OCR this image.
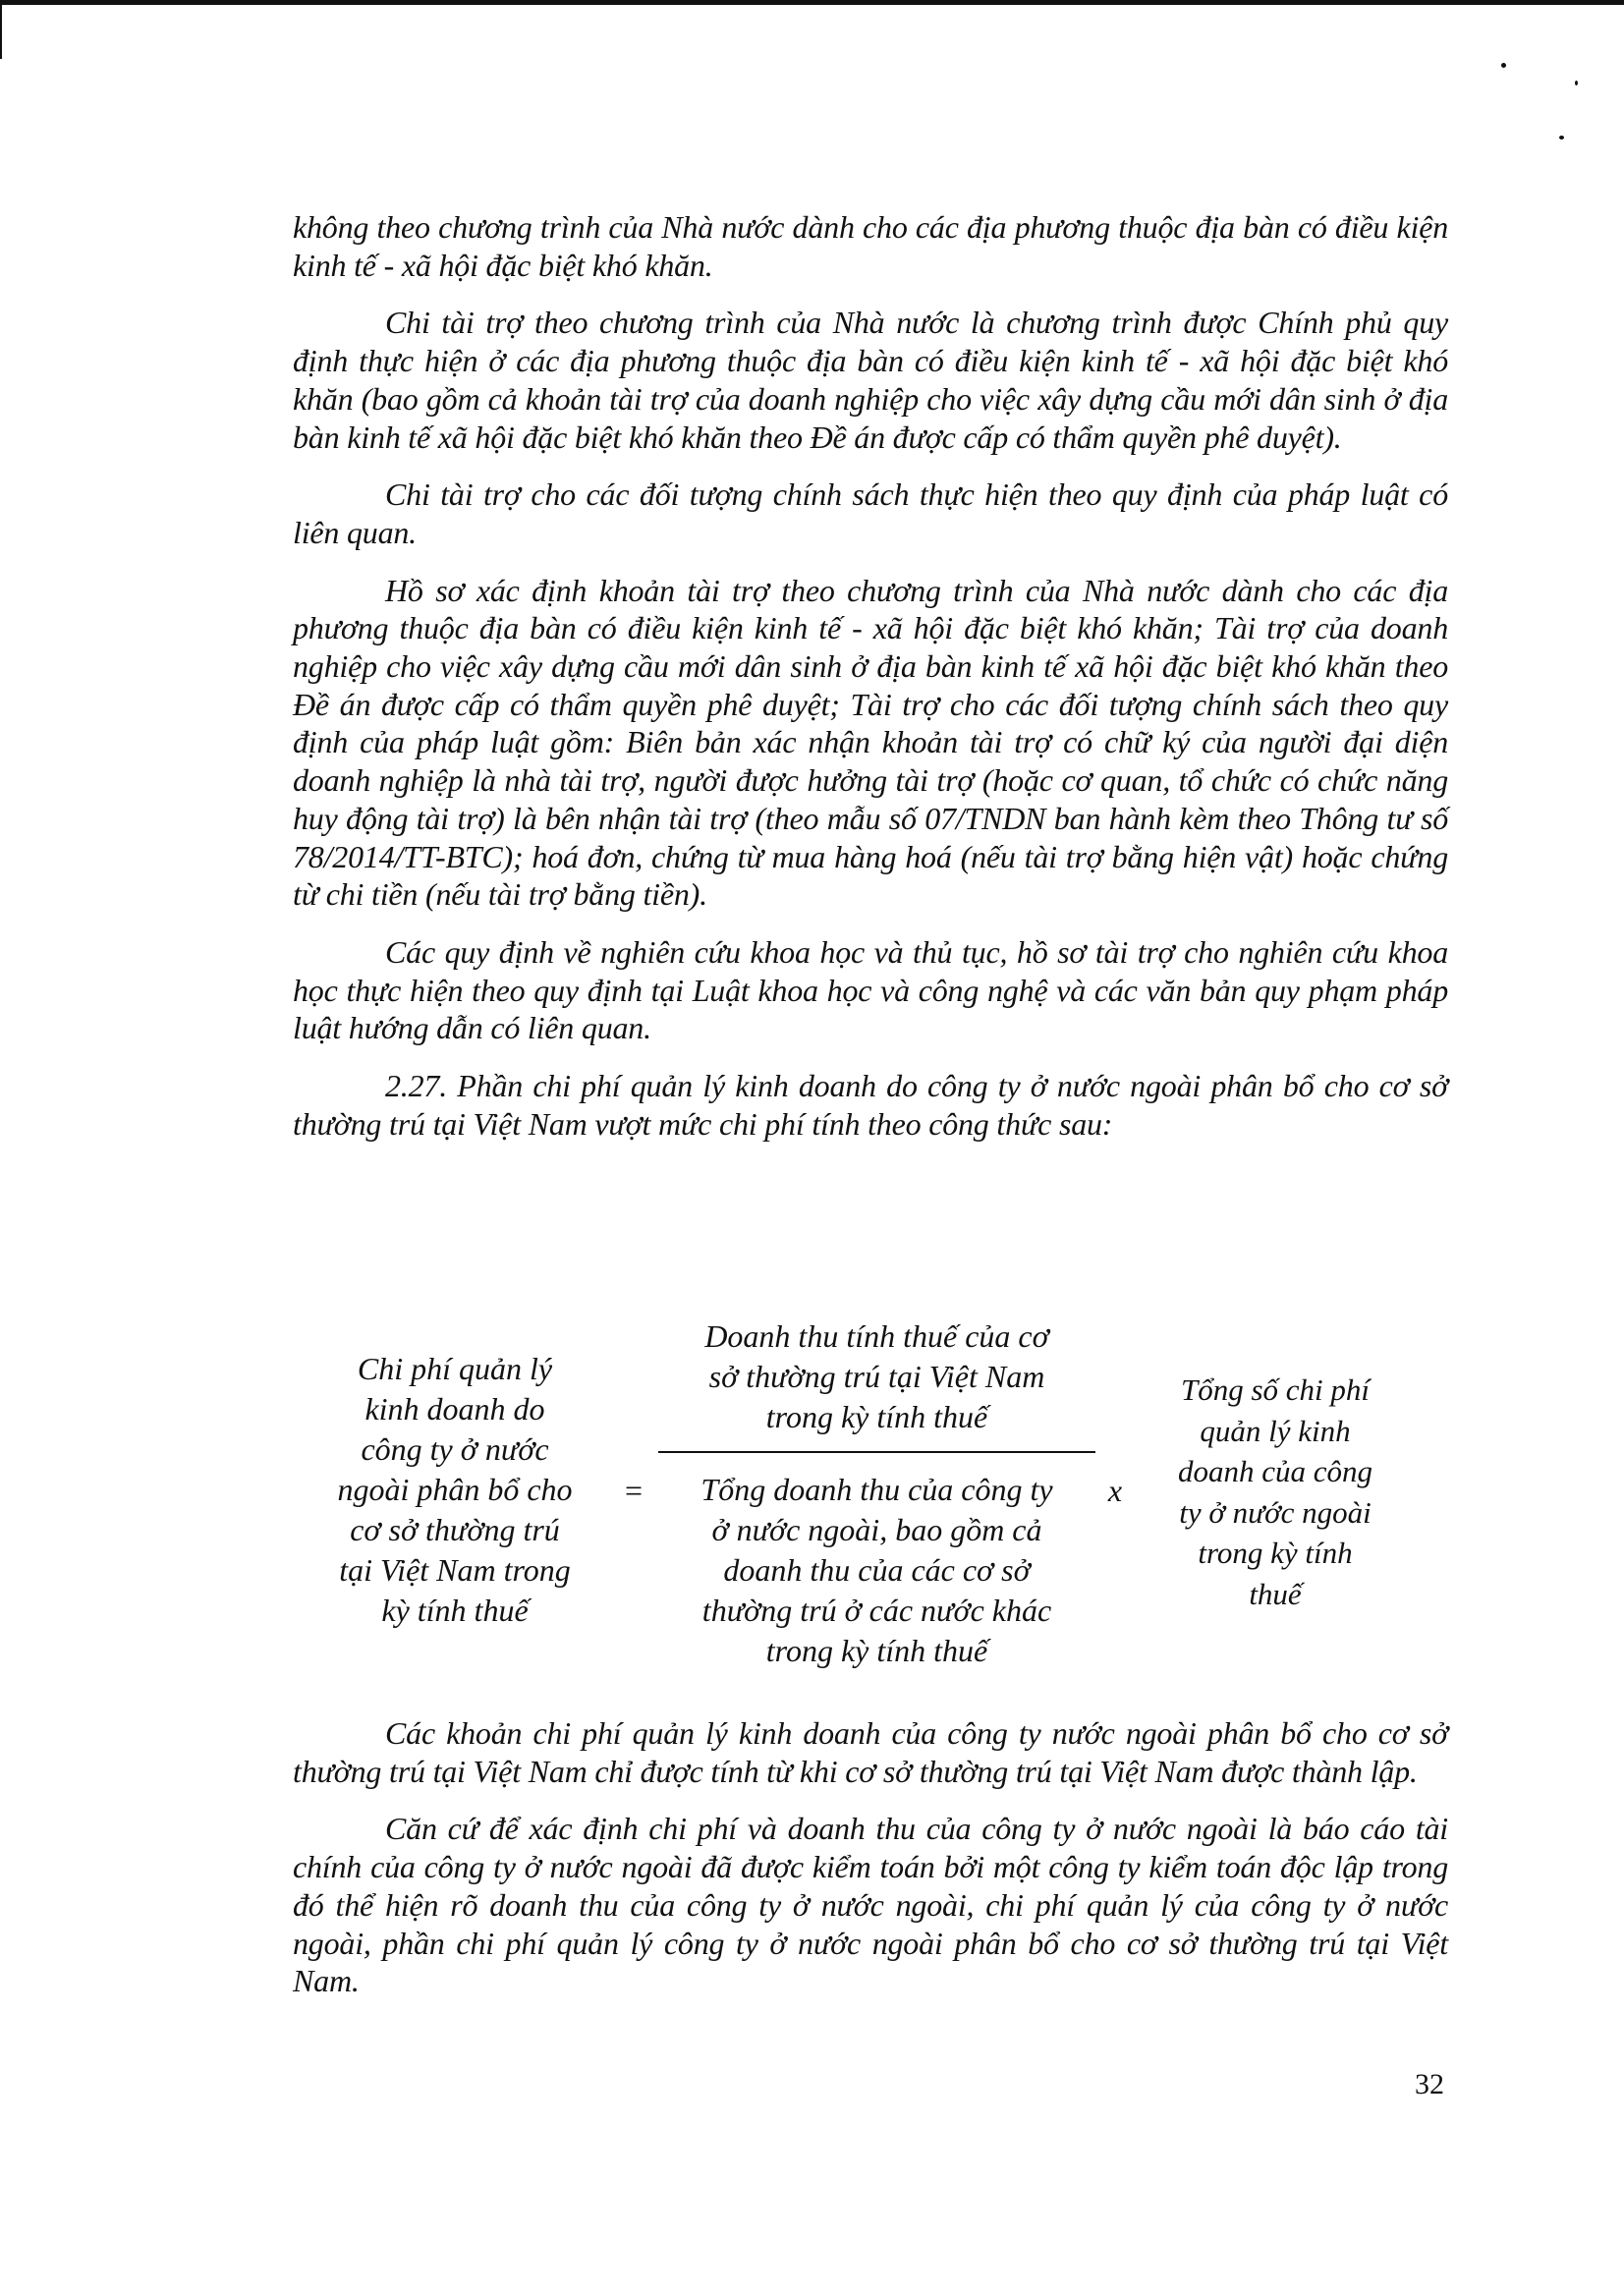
không theo chương trình của Nhà nước dành cho các địa phương thuộc địa bàn có điều kiện kinh tế - xã hội đặc biệt khó khăn.

Chi tài trợ theo chương trình của Nhà nước là chương trình được Chính phủ quy định thực hiện ở các địa phương thuộc địa bàn có điều kiện kinh tế - xã hội đặc biệt khó khăn (bao gồm cả khoản tài trợ của doanh nghiệp cho việc xây dựng cầu mới dân sinh ở địa bàn kinh tế xã hội đặc biệt khó khăn theo Đề án được cấp có thẩm quyền phê duyệt).

Chi tài trợ cho các đối tượng chính sách thực hiện theo quy định của pháp luật có liên quan.

Hồ sơ xác định khoản tài trợ theo chương trình của Nhà nước dành cho các địa phương thuộc địa bàn có điều kiện kinh tế - xã hội đặc biệt khó khăn; Tài trợ của doanh nghiệp cho việc xây dựng cầu mới dân sinh ở địa bàn kinh tế xã hội đặc biệt khó khăn theo Đề án được cấp có thẩm quyền phê duyệt; Tài trợ cho các đối tượng chính sách theo quy định của pháp luật gồm: Biên bản xác nhận khoản tài trợ có chữ ký của người đại diện doanh nghiệp là nhà tài trợ, người được hưởng tài trợ (hoặc cơ quan, tổ chức có chức năng huy động tài trợ) là bên nhận tài trợ (theo mẫu số 07/TNDN ban hành kèm theo Thông tư số 78/2014/TT-BTC); hoá đơn, chứng từ mua hàng hoá (nếu tài trợ bằng hiện vật) hoặc chứng từ chi tiền (nếu tài trợ bằng tiền).

Các quy định về nghiên cứu khoa học và thủ tục, hồ sơ tài trợ cho nghiên cứu khoa học thực hiện theo quy định tại Luật khoa học và công nghệ và các văn bản quy phạm pháp luật hướng dẫn có liên quan.

2.27. Phần chi phí quản lý kinh doanh do công ty ở nước ngoài phân bổ cho cơ sở thường trú tại Việt Nam vượt mức chi phí tính theo công thức sau:

Chi phí quản lý
kinh doanh do
công ty ở nước
ngoài phân bổ cho
cơ sở thường trú
tại Việt Nam trong
kỳ tính thuế
=
Doanh thu tính thuế của cơ
sở thường trú tại Việt Nam
trong kỳ tính thuế
Tổng doanh thu của công ty
ở nước ngoài, bao gồm cả
doanh thu của các cơ sở
thường trú ở các nước khác
trong kỳ tính thuế
x
Tổng số chi phí
quản lý kinh
doanh của công
ty ở nước ngoài
trong kỳ tính
thuế

Các khoản chi phí quản lý kinh doanh của công ty nước ngoài phân bổ cho cơ sở thường trú tại Việt Nam chỉ được tính từ khi cơ sở thường trú tại Việt Nam được thành lập.

Căn cứ để xác định chi phí và doanh thu của công ty ở nước ngoài là báo cáo tài chính của công ty ở nước ngoài đã được kiểm toán bởi một công ty kiểm toán độc lập trong đó thể hiện rõ doanh thu của công ty ở nước ngoài, chi phí quản lý của công ty ở nước ngoài, phần chi phí quản lý công ty ở nước ngoài phân bổ cho cơ sở thường trú tại Việt Nam.

32
